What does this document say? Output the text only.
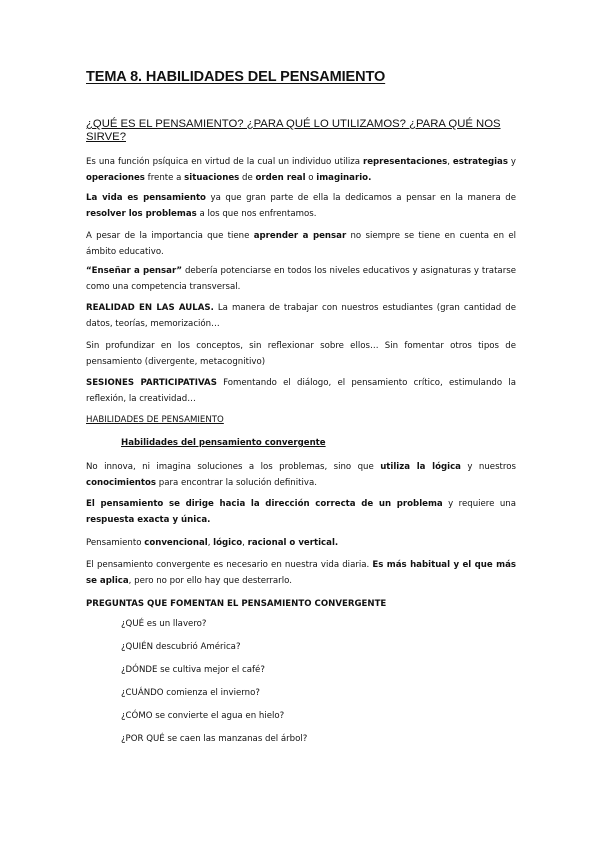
TEMA 8. HABILIDADES DEL PENSAMIENTO
¿QUÉ ES EL PENSAMIENTO? ¿PARA QUÉ LO UTILIZAMOS? ¿PARA QUÉ NOS SIRVE?

Es una función psíquica en virtud de la cual un individuo utiliza representaciones, estrategias y operaciones frente a situaciones de orden real o imaginario.

La vida es pensamiento ya que gran parte de ella la dedicamos a pensar en la manera de resolver los problemas a los que nos enfrentamos.

A pesar de la importancia que tiene aprender a pensar no siempre se tiene en cuenta en el ámbito educativo.

“Enseñar a pensar” debería potenciarse en todos los niveles educativos y asignaturas y tratarse como una competencia transversal.

REALIDAD EN LAS AULAS. La manera de trabajar con nuestros estudiantes (gran cantidad de datos, teorías, memorización…

Sin profundizar en los conceptos, sin reflexionar sobre ellos… Sin fomentar otros tipos de pensamiento (divergente, metacognitivo)

SESIONES PARTICIPATIVAS Fomentando el diálogo, el pensamiento crítico, estimulando la reflexión, la creatividad…

HABILIDADES DE PENSAMIENTO
Habilidades del pensamiento convergente

No innova, ni imagina soluciones a los problemas, sino que utiliza la lógica y nuestros conocimientos para encontrar la solución definitiva.

El pensamiento se dirige hacia la dirección correcta de un problema y requiere una respuesta exacta y única.

Pensamiento convencional, lógico, racional o vertical.

El pensamiento convergente es necesario en nuestra vida diaria. Es más habitual y el que más se aplica, pero no por ello hay que desterrarlo.

PREGUNTAS QUE FOMENTAN EL PENSAMIENTO CONVERGENTE

¿QUÉ es un llavero?
¿QUIÉN descubrió América?
¿DÓNDE se cultiva mejor el café?
¿CUÁNDO comienza el invierno?
¿CÓMO se convierte el agua en hielo?
¿POR QUÉ se caen las manzanas del árbol?
